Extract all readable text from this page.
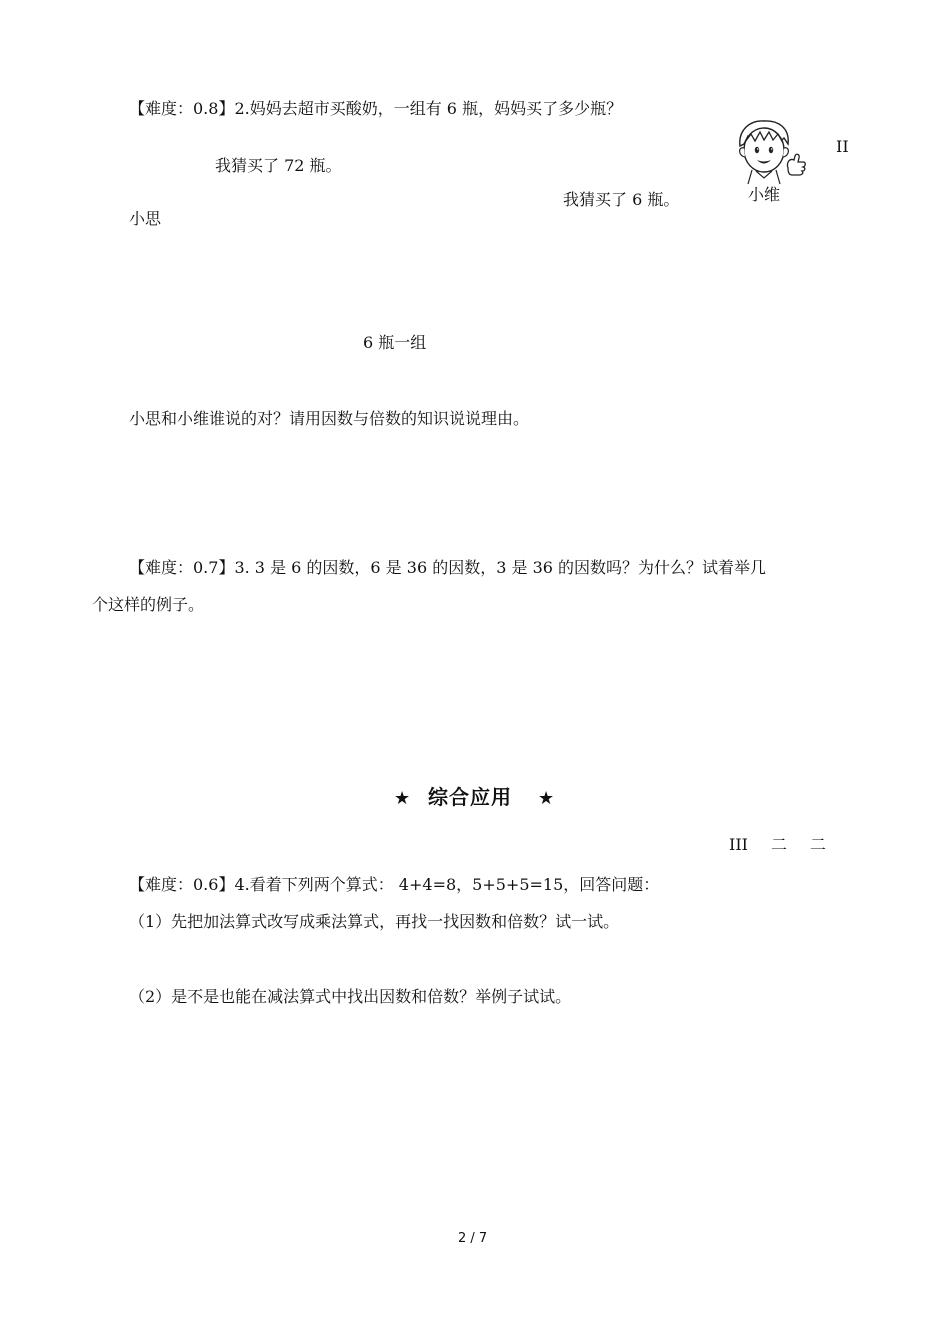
【难度：0.8】2.妈妈去超市买酸奶，一组有 6 瓶，妈妈买了多少瓶？
我猜买了 72 瓶。
我猜买了 6 瓶。
小思
小维
II
6 瓶一组
小思和小维谁说的对？请用因数与倍数的知识说说理由。
【难度：0.7】3. 3 是 6 的因数，6 是 36 的因数，3 是 36 的因数吗？为什么？试着举几
个这样的例子。
★ 综合应用 ★
III 二 二
【难度：0.6】4.看着下列两个算式： 4+4=8，5+5+5=15，回答问题：
（1）先把加法算式改写成乘法算式，再找一找因数和倍数？试一试。
（2）是不是也能在减法算式中找出因数和倍数？举例子试试。
2 / 7
